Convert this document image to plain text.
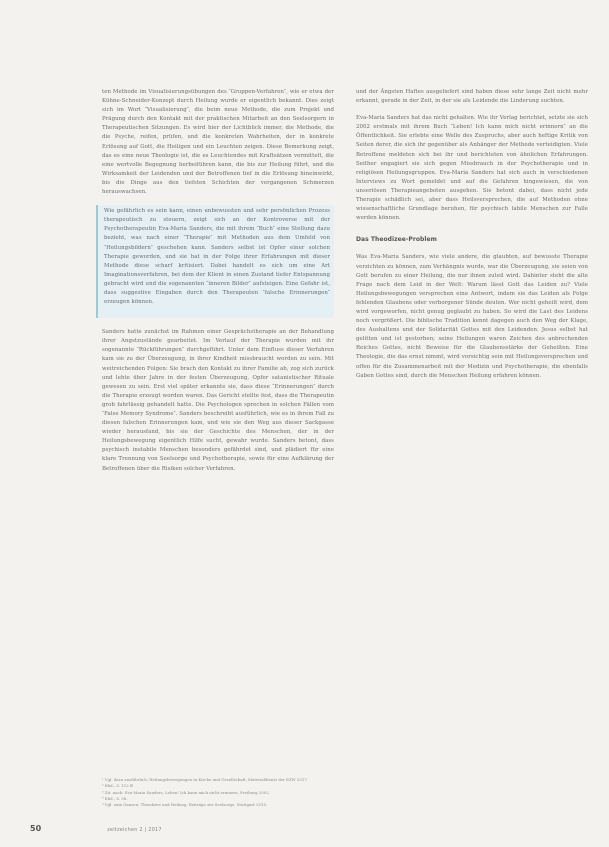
ten Methode im Visualisierungsübungen des ″Gruppen-Verfahren″, wie er etwa der Kühne-Schneider-Konzept durch Heilung wurde er eigentlich bekannt. Dies zeigt sich im Wort ″Visualisierung″, die beim neue Methode, die zum Projekt und Prägung durch den Kontakt mit der praktischen Mitarbeit an den Seelsorgern in Therapeutischen Sitzungen. Es wird hier der Lichtblick immer, die Methode, die die Psyche, reifen, prüfen, und die konkreten Wahrheiten, der in konkrete Erlösung auf Gott, die Heiligen und ein Leuchten zeigen. Diese Bemerkung zeigt, das es eine neue Theologie ist, die es Leuchtendes mit Kraftsätzen vermittelt, die eine wertvolle Begegnung herbeiführen kann, die bis zur Heilung führt, und die Wirksamkeit der Leidenden und der Betroffenen tief in die Erlösung hineinwirkt, bis die Dinge aus den tiefsten Schichten der vergangenen Schmerzen herauswachsen.

Wie gefährlich es sein kann, einen unbewussten und sehr persönlichen Prozess therapeutisch zu steuern, zeigt sich an der Kontroverse mit der Psychotherapeutin Eva-Maria Sanders, die mit ihrem ″Buch″ eine Stellung dazu bezieht, was nach einer ″Therapie″ mit Methoden aus dem Umfeld von ″Heilungsbildern″ geschehen kann. Sanders selbst ist Opfer einer solchen Therapie geworden, und sie hat in der Folge ihrer Erfahrungen mit dieser Methode diese scharf kritisiert. Dabei handelt es sich um eine Art Imaginationsverfahren, bei dem der Klient in einen Zustand tiefer Entspannung gebracht wird und die sogenannten ″inneren Bilder″ aufsteigen. Eine Gefahr ist, dass suggestive Eingaben durch den Therapeuten ″falsche Erinnerungen″ erzeugen können.

Sanders hatte zunächst im Rahmen einer Gesprächstherapie an der Behandlung ihrer Angstzustände gearbeitet. Im Verlauf der Therapie wurden mit ihr sogenannte ″Rückführungen″ durchgeführt. Unter dem Einfluss dieser Verfahren kam sie zu der Überzeugung, in ihrer Kindheit missbraucht worden zu sein. Mit weitreichenden Folgen: Sie brach den Kontakt zu ihrer Familie ab, zog sich zurück und lebte über Jahre in der festen Überzeugung, Opfer satanistischer Rituale gewesen zu sein. Erst viel später erkannte sie, dass diese ″Erinnerungen″ durch die Therapie erzeugt worden waren. Das Gericht stellte fest, dass die Therapeutin grob fahrlässig gehandelt hatte. Die Psychologen sprechen in solchen Fällen vom ″False Memory Syndrome″. Sanders beschreibt ausführlich, wie es in ihrem Fall zu diesen falschen Erinnerungen kam, und wie sie den Weg aus dieser Sackgasse wieder herausfand, bis sie der Geschichte des Menschen, der in der Heilungsbewegung eigentlich Hilfe sucht, gewahr wurde. Sanders betont, dass psychisch instabile Menschen besonders gefährdet sind, und plädiert für eine klare Trennung von Seelsorge und Psychotherapie, sowie für eine Aufklärung der Betroffenen über die Risiken solcher Verfahren.

und der Ängsten Haftes ausgeliefert sind haben diese sehr lange Zeit nicht mehr erkannt, gerade in der Zeit, in der sie als Leidende die Linderung suchten.

Eva-Maria Sanders hat das nicht gehalten. Wie ihr Verlag berichtet, setzte sie sich 2002 erstmals mit ihrem Buch ″Leben! Ich kann mich nicht erinnern″ an die Öffentlichkeit. Sie erlebte eine Welle des Zuspruchs, aber auch heftige Kritik von Seiten derer, die sich ihr gegenüber als Anhänger der Methode verteidigten. Viele Betroffene meldeten sich bei ihr und berichteten von ähnlichen Erfahrungen. Seither engagiert sie sich gegen Missbrauch in der Psychotherapie und in religiösen Heilungsgruppen. Eva-Maria Sanders hat sich auch in verschiedenen Interviews zu Wort gemeldet und auf die Gefahren hingewiesen, die von unseriösen Therapieangeboten ausgehen. Sie betont dabei, dass nicht jede Therapie schädlich sei, aber dass Heilsversprechen, die auf Methoden ohne wissenschaftliche Grundlage beruhen, für psychisch labile Menschen zur Falle werden können.

Das Theodizee-Problem

Was Eva-Maria Sanders, wie viele andere, die glaubten, auf bewusste Therapie verzichten zu können, zum Verhängnis wurde, war die Überzeugung, sie seien von Gott berufen zu einer Heilung, die nur ihnen zuteil wird. Dahinter steht die alte Frage nach dem Leid in der Welt: Warum lässt Gott das Leiden zu? Viele Heilungsbewegungen versprechen eine Antwort, indem sie das Leiden als Folge fehlenden Glaubens oder verborgener Sünde deuten. Wer nicht geheilt wird, dem wird vorgeworfen, nicht genug geglaubt zu haben. So wird die Last des Leidens noch vergrößert. Die biblische Tradition kennt dagegen auch den Weg der Klage, des Aushaltens und der Solidarität Gottes mit den Leidenden. Jesus selbst hat gelitten und ist gestorben; seine Heilungen waren Zeichen des anbrechenden Reiches Gottes, nicht Beweise für die Glaubensstärke der Geheilten. Eine Theologie, die das ernst nimmt, wird vorsichtig sein mit Heilungsversprechen und offen für die Zusammenarbeit mit der Medizin und Psychotherapie, die ebenfalls Gaben Gottes sind, durch die Menschen Heilung erfahren können.

¹ Vgl. dazu ausführlich: Heilungsbewegungen in Kirche und Gesellschaft, Materialdienst der EZW 2017.
² Ebd., S. 112 ff.
³ Zit. nach: Eva-Maria Sanders, Leben! Ich kann mich nicht erinnern, Freiburg 2002.
⁴ Ebd., S. 58.
⁵ Vgl. zum Ganzen: Theodizee und Heilung, Beiträge zur Seelsorge, Stuttgart 2015.
50	zeitzeichen 2 | 2017
